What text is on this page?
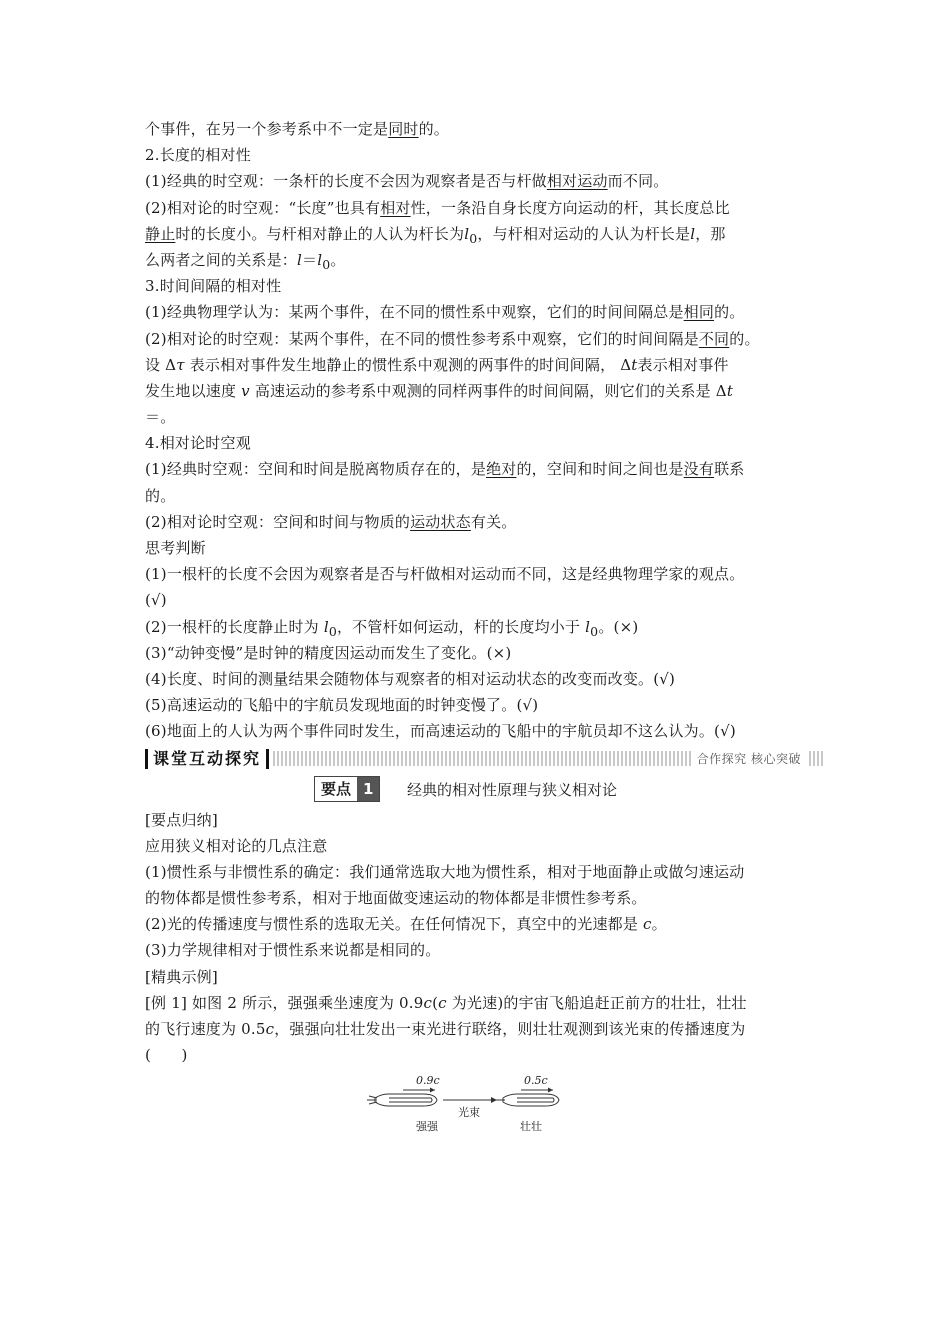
个事件，在另一个参考系中不一定是同时的。
2.长度的相对性
(1)经典的时空观：一条杆的长度不会因为观察者是否与杆做相对运动而不同。
(2)相对论的时空观：“长度”也具有相对性，一条沿自身长度方向运动的杆，其长度总比
静止时的长度小。与杆相对静止的人认为杆长为$l_0$，与杆相对运动的人认为杆长是l，那
么两者之间的关系是：$l=l_0$。
3.时间间隔的相对性
(1)经典物理学认为：某两个事件，在不同的惯性系中观察，它们的时间间隔总是相同的。
(2)相对论的时空观：某两个事件，在不同的惯性参考系中观察，它们的时间间隔是不同的。
设 Δτ 表示相对事件发生地静止的惯性系中观测的两事件的时间间隔， Δt表示相对事件
发生地以速度 v 高速运动的参考系中观测的同样两事件的时间间隔，则它们的关系是 Δt
＝。
4.相对论时空观
(1)经典时空观：空间和时间是脱离物质存在的，是绝对的，空间和时间之间也是没有联系
的。
(2)相对论时空观：空间和时间与物质的运动状态有关。
思考判断
(1)一根杆的长度不会因为观察者是否与杆做相对运动而不同，这是经典物理学家的观点。
(√)
(2)一根杆的长度静止时为 $l_0$，不管杆如何运动，杆的长度均小于 $l_0$。(×)
(3)“动钟变慢”是时钟的精度因运动而发生了变化。(×)
(4)长度、时间的测量结果会随物体与观察者的相对运动状态的改变而改变。(√)
(5)高速运动的飞船中的宇航员发现地面的时钟变慢了。(√)
(6)地面上的人认为两个事件同时发生，而高速运动的飞船中的宇航员却不这么认为。(√)
课堂互动探究	合作探究 核心突破
要点 1	经典的相对性原理与狭义相对论
[要点归纳]
应用狭义相对论的几点注意
(1)惯性系与非惯性系的确定：我们通常选取大地为惯性系，相对于地面静止或做匀速运动
的物体都是惯性参考系，相对于地面做变速运动的物体都是非惯性参考系。
(2)光的传播速度与惯性系的选取无关。在任何情况下，真空中的光速都是 c。
(3)力学规律相对于惯性系来说都是相同的。
[精典示例]
[例 1] 如图 2 所示，强强乘坐速度为 0.9c(c 为光速)的宇宙飞船追赶正前方的壮壮，壮壮
的飞行速度为 0.5c，强强向壮壮发出一束光进行联络，则壮壮观测到该光束的传播速度为
(　　)
0.9c	0.5c
光束
强强	壮壮
